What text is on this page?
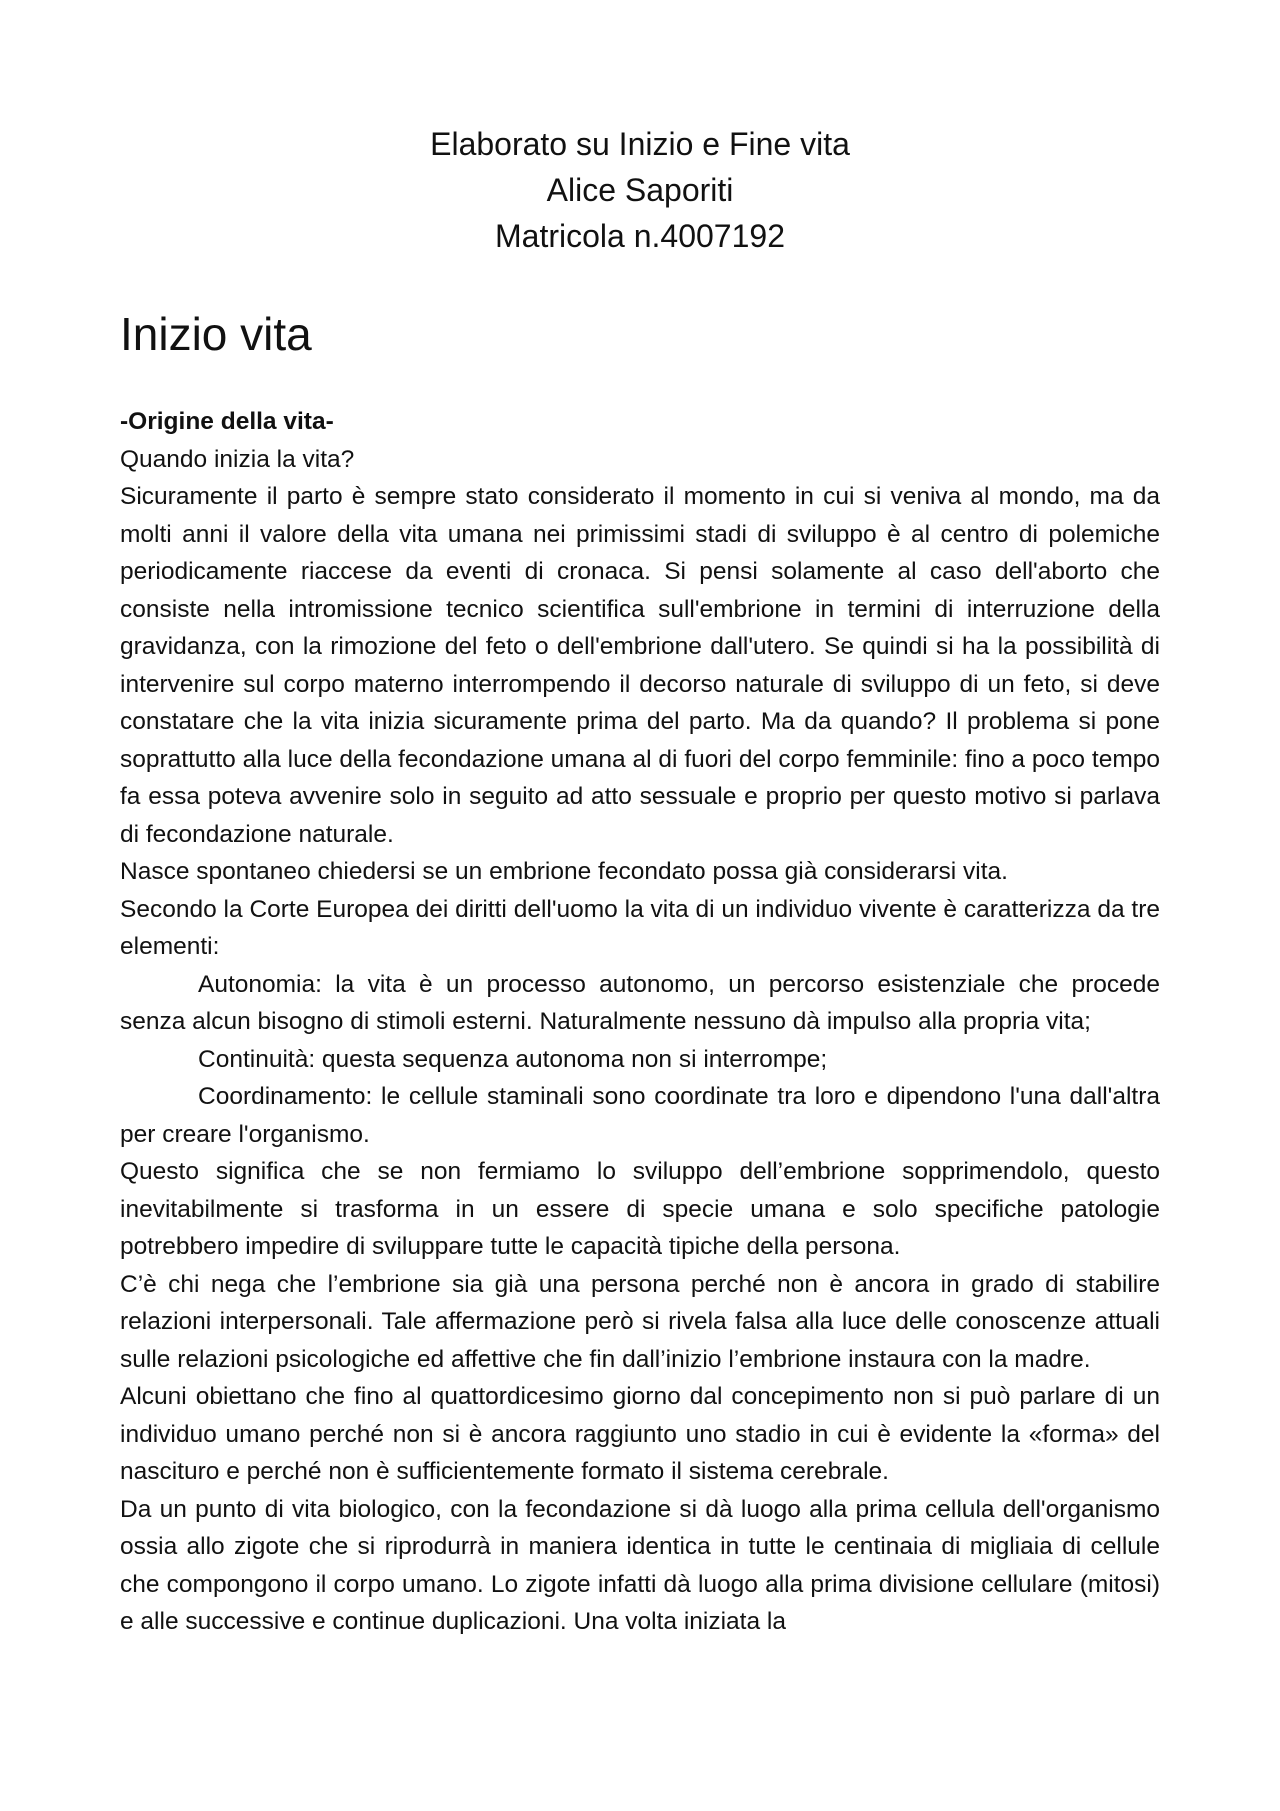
Elaborato su Inizio e Fine vita
Alice Saporiti
Matricola n.4007192
Inizio vita

-Origine della vita-

Quando inizia la vita?

Sicuramente il parto è sempre stato considerato il momento in cui si veniva al mondo, ma da molti anni il valore della vita umana nei primissimi stadi di sviluppo è al centro di polemiche periodicamente riaccese da eventi di cronaca. Si pensi solamente al caso dell'aborto che consiste nella intromissione tecnico scientifica sull'embrione in termini di interruzione della gravidanza, con la rimozione del feto o dell'embrione dall'utero. Se quindi si ha la possibilità di intervenire sul corpo materno interrompendo il decorso naturale di sviluppo di un feto, si deve constatare che la vita inizia sicuramente prima del parto. Ma da quando? Il problema si pone soprattutto alla luce della fecondazione umana al di fuori del corpo femminile: fino a poco tempo fa essa poteva avvenire solo in seguito ad atto sessuale e proprio per questo motivo si parlava di fecondazione naturale.

Nasce spontaneo chiedersi se un embrione fecondato possa già considerarsi vita.

Secondo la Corte Europea dei diritti dell'uomo la vita di un individuo vivente è caratterizza da tre elementi:

Autonomia: la vita è un processo autonomo, un percorso esistenziale che procede senza alcun bisogno di stimoli esterni. Naturalmente nessuno dà impulso alla propria vita;

Continuità: questa sequenza autonoma non si interrompe;

Coordinamento: le cellule staminali sono coordinate tra loro e dipendono l'una dall'altra per creare l'organismo.

Questo significa che se non fermiamo lo sviluppo dell’embrione sopprimendolo, questo inevitabilmente si trasforma in un essere di specie umana e solo specifiche patologie potrebbero impedire di sviluppare tutte le capacità tipiche della persona.

C’è chi nega che l’embrione sia già una persona perché non è ancora in grado di stabilire relazioni interpersonali. Tale affermazione però si rivela falsa alla luce delle conoscenze attuali sulle relazioni psicologiche ed affettive che fin dall’inizio l’embrione instaura con la madre.

Alcuni obiettano che fino al quattordicesimo giorno dal concepimento non si può parlare di un individuo umano perché non si è ancora raggiunto uno stadio in cui è evidente la «forma» del nascituro e perché non è sufficientemente formato il sistema cerebrale.

Da un punto di vita biologico, con la fecondazione si dà luogo alla prima cellula dell'organismo ossia allo zigote che si riprodurrà in maniera identica in tutte le centinaia di migliaia di cellule che compongono il corpo umano. Lo zigote infatti dà luogo alla prima divisione cellulare (mitosi) e alle successive e continue duplicazioni. Una volta iniziata la
